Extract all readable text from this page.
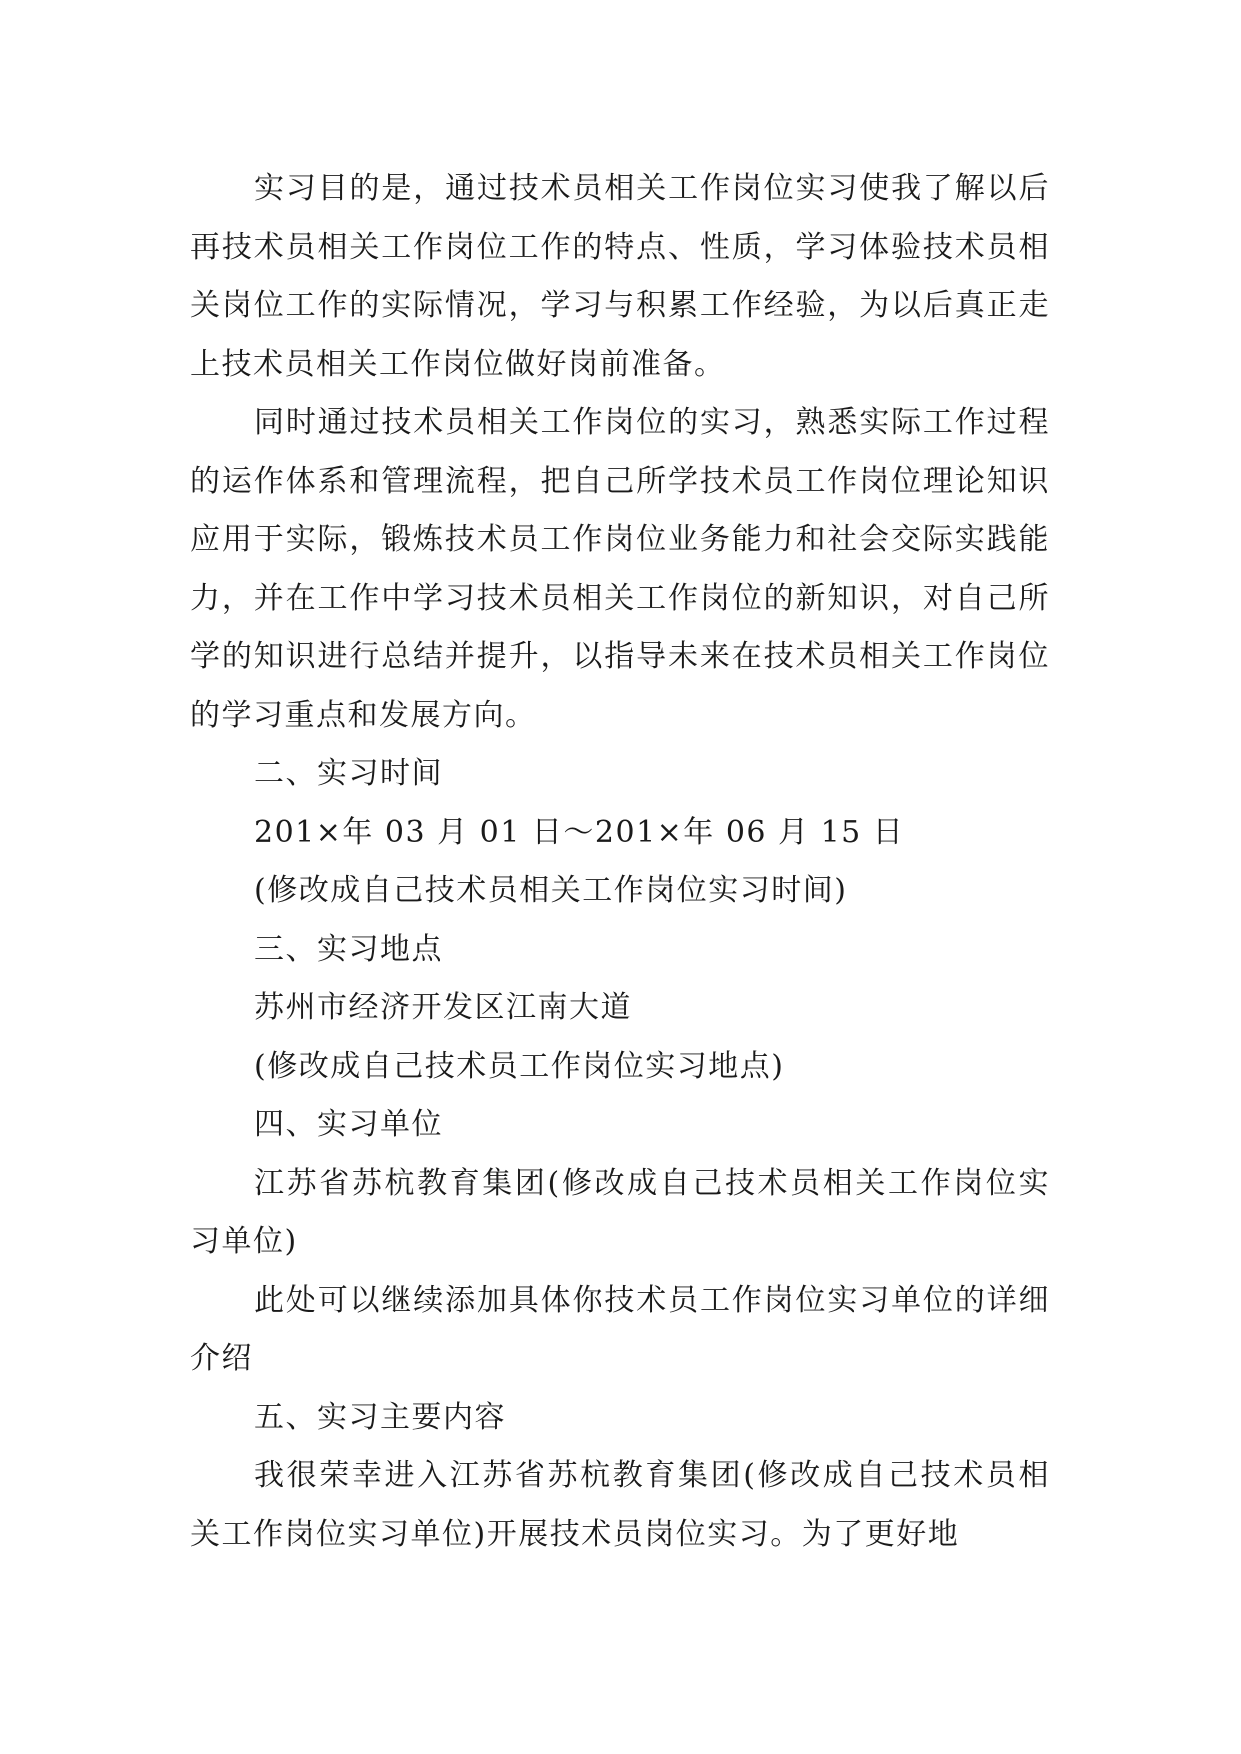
实习目的是，通过技术员相关工作岗位实习使我了解以后再技术员相关工作岗位工作的特点、性质，学习体验技术员相关岗位工作的实际情况，学习与积累工作经验，为以后真正走上技术员相关工作岗位做好岗前准备。

同时通过技术员相关工作岗位的实习，熟悉实际工作过程的运作体系和管理流程，把自己所学技术员工作岗位理论知识应用于实际，锻炼技术员工作岗位业务能力和社会交际实践能力，并在工作中学习技术员相关工作岗位的新知识，对自己所学的知识进行总结并提升，以指导未来在技术员相关工作岗位的学习重点和发展方向。

二、实习时间

201×年 03 月 01 日～201×年 06 月 15 日

(修改成自己技术员相关工作岗位实习时间)

三、实习地点

苏州市经济开发区江南大道

(修改成自己技术员工作岗位实习地点)

四、实习单位

江苏省苏杭教育集团(修改成自己技术员相关工作岗位实习单位)

此处可以继续添加具体你技术员工作岗位实习单位的详细介绍

五、实习主要内容

我很荣幸进入江苏省苏杭教育集团(修改成自己技术员相关工作岗位实习单位)开展技术员岗位实习。为了更好地
